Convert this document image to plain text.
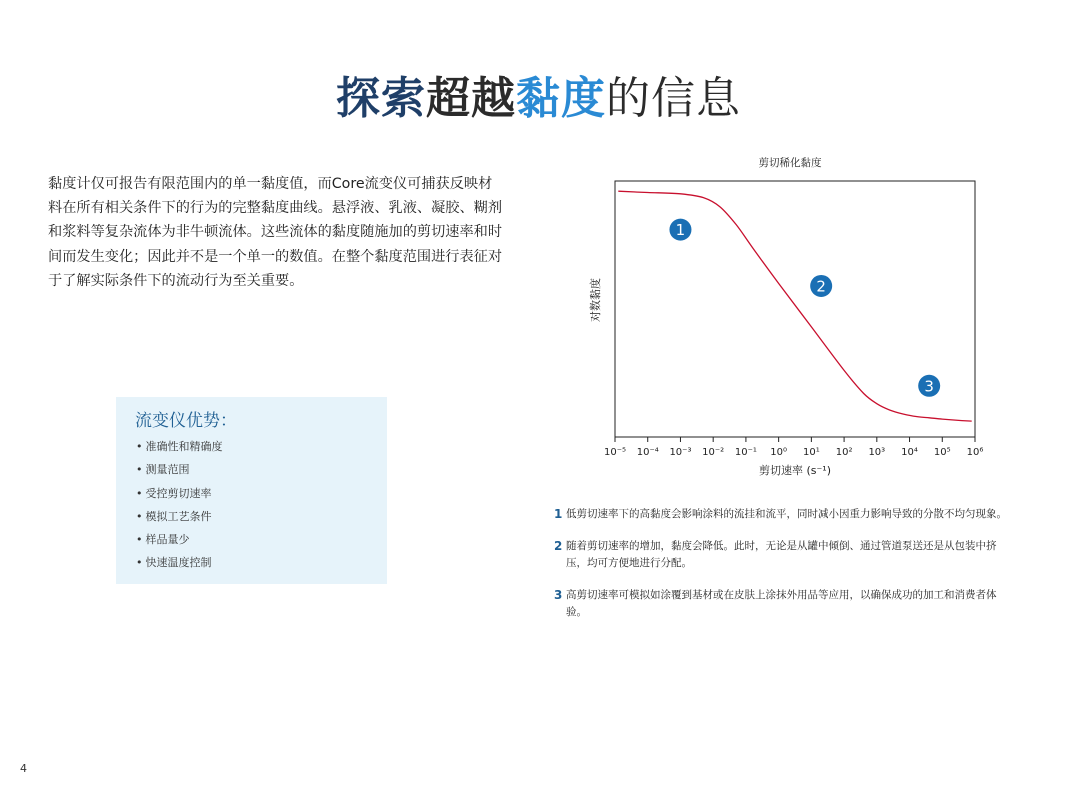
探索超越黏度的信息
黏度计仅可报告有限范围内的单一黏度值，而Core流变仪可捕获反映材料在所有相关条件下的行为的完整黏度曲线。悬浮液、乳液、凝胶、糊剂和浆料等复杂流体为非牛顿流体。这些流体的黏度随施加的剪切速率和时间而发生变化；因此并不是一个单一的数值。在整个黏度范围进行表征对于了解实际条件下的流动行为至关重要。
流变仪优势：
• 准确性和精确度
• 测量范围
• 受控剪切速率
• 模拟工艺条件
• 样品量少
• 快速温度控制
剪切稀化黏度
10⁻⁵ 10⁻⁴ 10⁻³ 10⁻² 10⁻¹ 10⁰ 10¹ 10² 10³ 10⁴ 10⁵ 10⁶
1
2
3
剪切速率 (s⁻¹)
对数黏度
1 低剪切速率下的高黏度会影响涂料的流挂和流平，同时减小因重力影响导致的分散不均匀现象。
2 随着剪切速率的增加，黏度会降低。此时，无论是从罐中倾倒、通过管道泵送还是从包装中挤压，均可方便地进行分配。
3 高剪切速率可模拟如涂覆到基材或在皮肤上涂抹外用品等应用，以确保成功的加工和消费者体验。
4
